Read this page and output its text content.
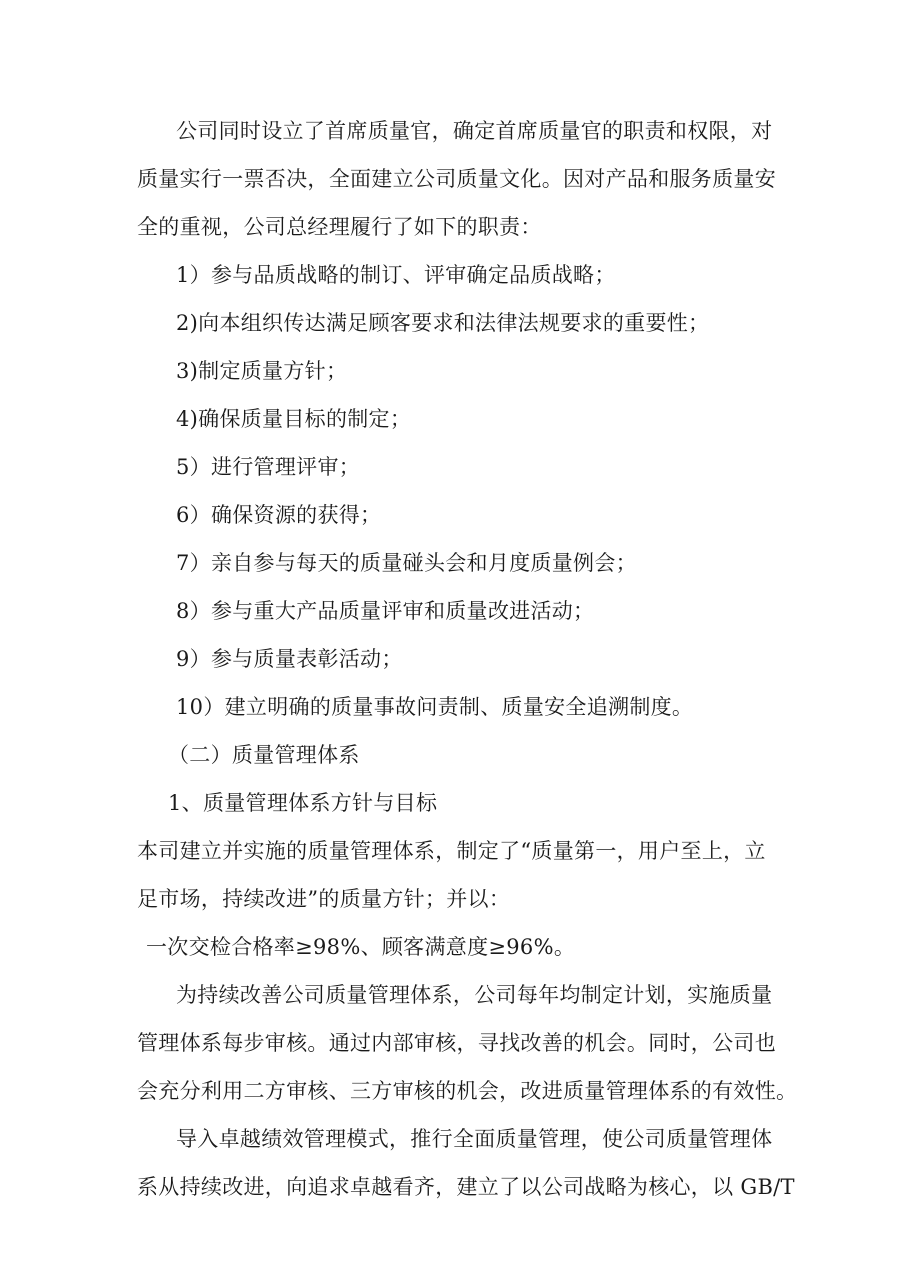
公司同时设立了首席质量官，确定首席质量官的职责和权限，对
质量实行一票否决，全面建立公司质量文化。因对产品和服务质量安
全的重视，公司总经理履行了如下的职责：
1）参与品质战略的制订、评审确定品质战略；
2)向本组织传达满足顾客要求和法律法规要求的重要性；
3)制定质量方针；
4)确保质量目标的制定；
5）进行管理评审；
6）确保资源的获得；
7）亲自参与每天的质量碰头会和月度质量例会；
8）参与重大产品质量评审和质量改进活动；
9）参与质量表彰活动；
10）建立明确的质量事故问责制、质量安全追溯制度。
（二）质量管理体系
1、质量管理体系方针与目标
本司建立并实施的质量管理体系，制定了“质量第一，用户至上，立
足市场，持续改进”的质量方针；并以：
一次交检合格率≥98%、顾客满意度≥96%。
为持续改善公司质量管理体系，公司每年均制定计划，实施质量
管理体系每步审核。通过内部审核，寻找改善的机会。同时，公司也
会充分利用二方审核、三方审核的机会，改进质量管理体系的有效性。
导入卓越绩效管理模式，推行全面质量管理，使公司质量管理体
系从持续改进，向追求卓越看齐，建立了以公司战略为核心，以 GB/T
